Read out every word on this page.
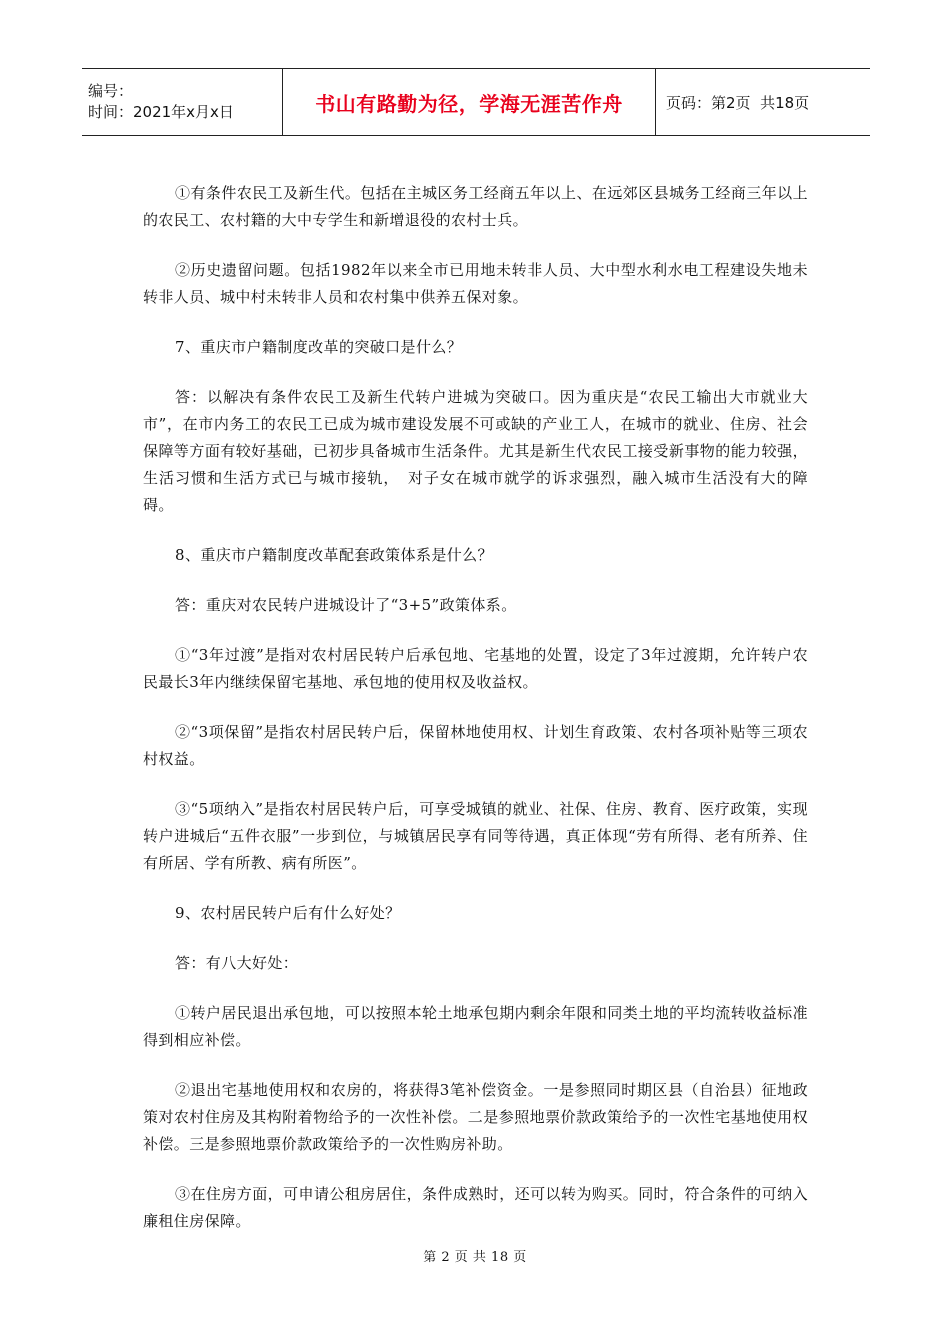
编号：
时间：2021年x月x日	书山有路勤为径，学海无涯苦作舟	页码：第2页  共18页

①有条件农民工及新生代。包括在主城区务工经商五年以上、在远郊区县城务工经商三年以上的农民工、农村籍的大中专学生和新增退役的农村士兵。

②历史遗留问题。包括1982年以来全市已用地未转非人员、大中型水利水电工程建设失地未转非人员、城中村未转非人员和农村集中供养五保对象。

7、重庆市户籍制度改革的突破口是什么？

答：以解决有条件农民工及新生代转户进城为突破口。因为重庆是“农民工输出大市就业大市”，在市内务工的农民工已成为城市建设发展不可或缺的产业工人，在城市的就业、住房、社会保障等方面有较好基础，已初步具备城市生活条件。尤其是新生代农民工接受新事物的能力较强，生活习惯和生活方式已与城市接轨，　对子女在城市就学的诉求强烈，融入城市生活没有大的障碍。

8、重庆市户籍制度改革配套政策体系是什么？

答：重庆对农民转户进城设计了“3+5”政策体系。

①“3年过渡”是指对农村居民转户后承包地、宅基地的处置，设定了3年过渡期，允许转户农民最长3年内继续保留宅基地、承包地的使用权及收益权。

②“3项保留”是指农村居民转户后，保留林地使用权、计划生育政策、农村各项补贴等三项农村权益。

③“5项纳入”是指农村居民转户后，可享受城镇的就业、社保、住房、教育、医疗政策，实现转户进城后“五件衣服”一步到位，与城镇居民享有同等待遇，真正体现“劳有所得、老有所养、住有所居、学有所教、病有所医”。

9、农村居民转户后有什么好处？

答：有八大好处：

①转户居民退出承包地，可以按照本轮土地承包期内剩余年限和同类土地的平均流转收益标准得到相应补偿。

②退出宅基地使用权和农房的，将获得3笔补偿资金。一是参照同时期区县（自治县）征地政策对农村住房及其构附着物给予的一次性补偿。二是参照地票价款政策给予的一次性宅基地使用权补偿。三是参照地票价款政策给予的一次性购房补助。

③在住房方面，可申请公租房居住，条件成熟时，还可以转为购买。同时，符合条件的可纳入廉租住房保障。

第 2 页 共 18 页
